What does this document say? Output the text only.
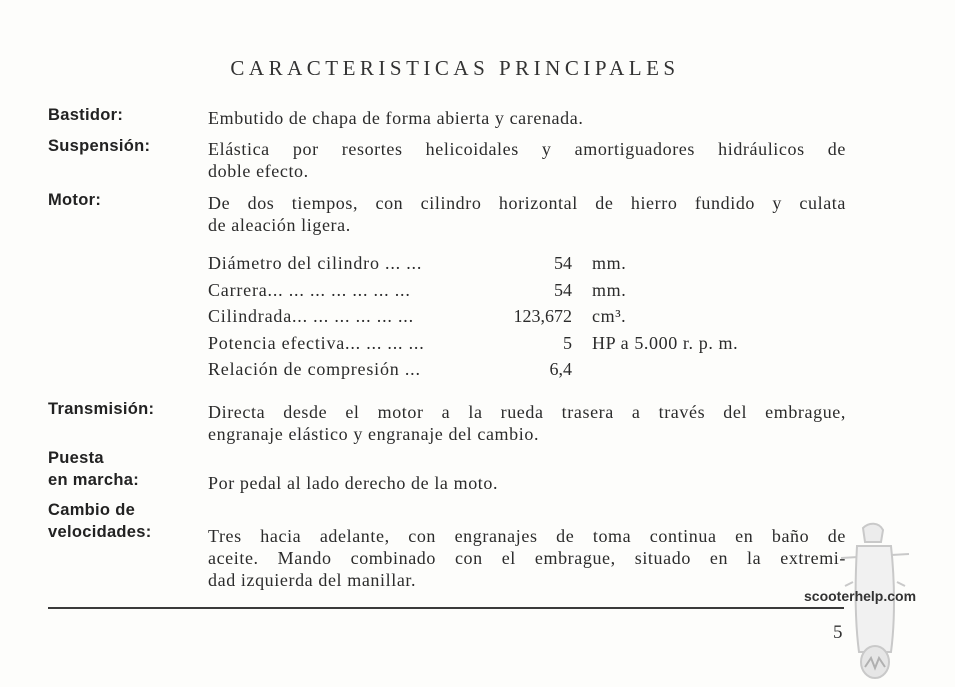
CARACTERISTICAS PRINCIPALES
Bastidor:	Embutido de chapa de forma abierta y carenada.
Suspensión:	Elástica por resortes helicoidales y amortiguadores hidráulicos de
doble efecto.
Motor:	De dos tiempos, con cilindro horizontal de hierro fundido y culata
de aleación ligera.
Diámetro del cilindro ... ...	54 mm.
Carrera... ... ... ... ... ... ...	54 mm.
Cilindrada... ... ... ... ... ...	123,672 cm³.
Potencia efectiva... ... ... ...	5 HP a 5.000 r. p. m.
Relación de compresión ...	6,4
Transmisión:	Directa desde el motor a la rueda trasera a través del embrague,
engranaje elástico y engranaje del cambio.
Puesta
en marcha:	Por pedal al lado derecho de la moto.
Cambio de
velocidades:	Tres hacia adelante, con engranajes de toma continua en baño de
aceite. Mando combinado con el embrague, situado en la extremi-
dad izquierda del manillar.
scooterhelp.com
5
